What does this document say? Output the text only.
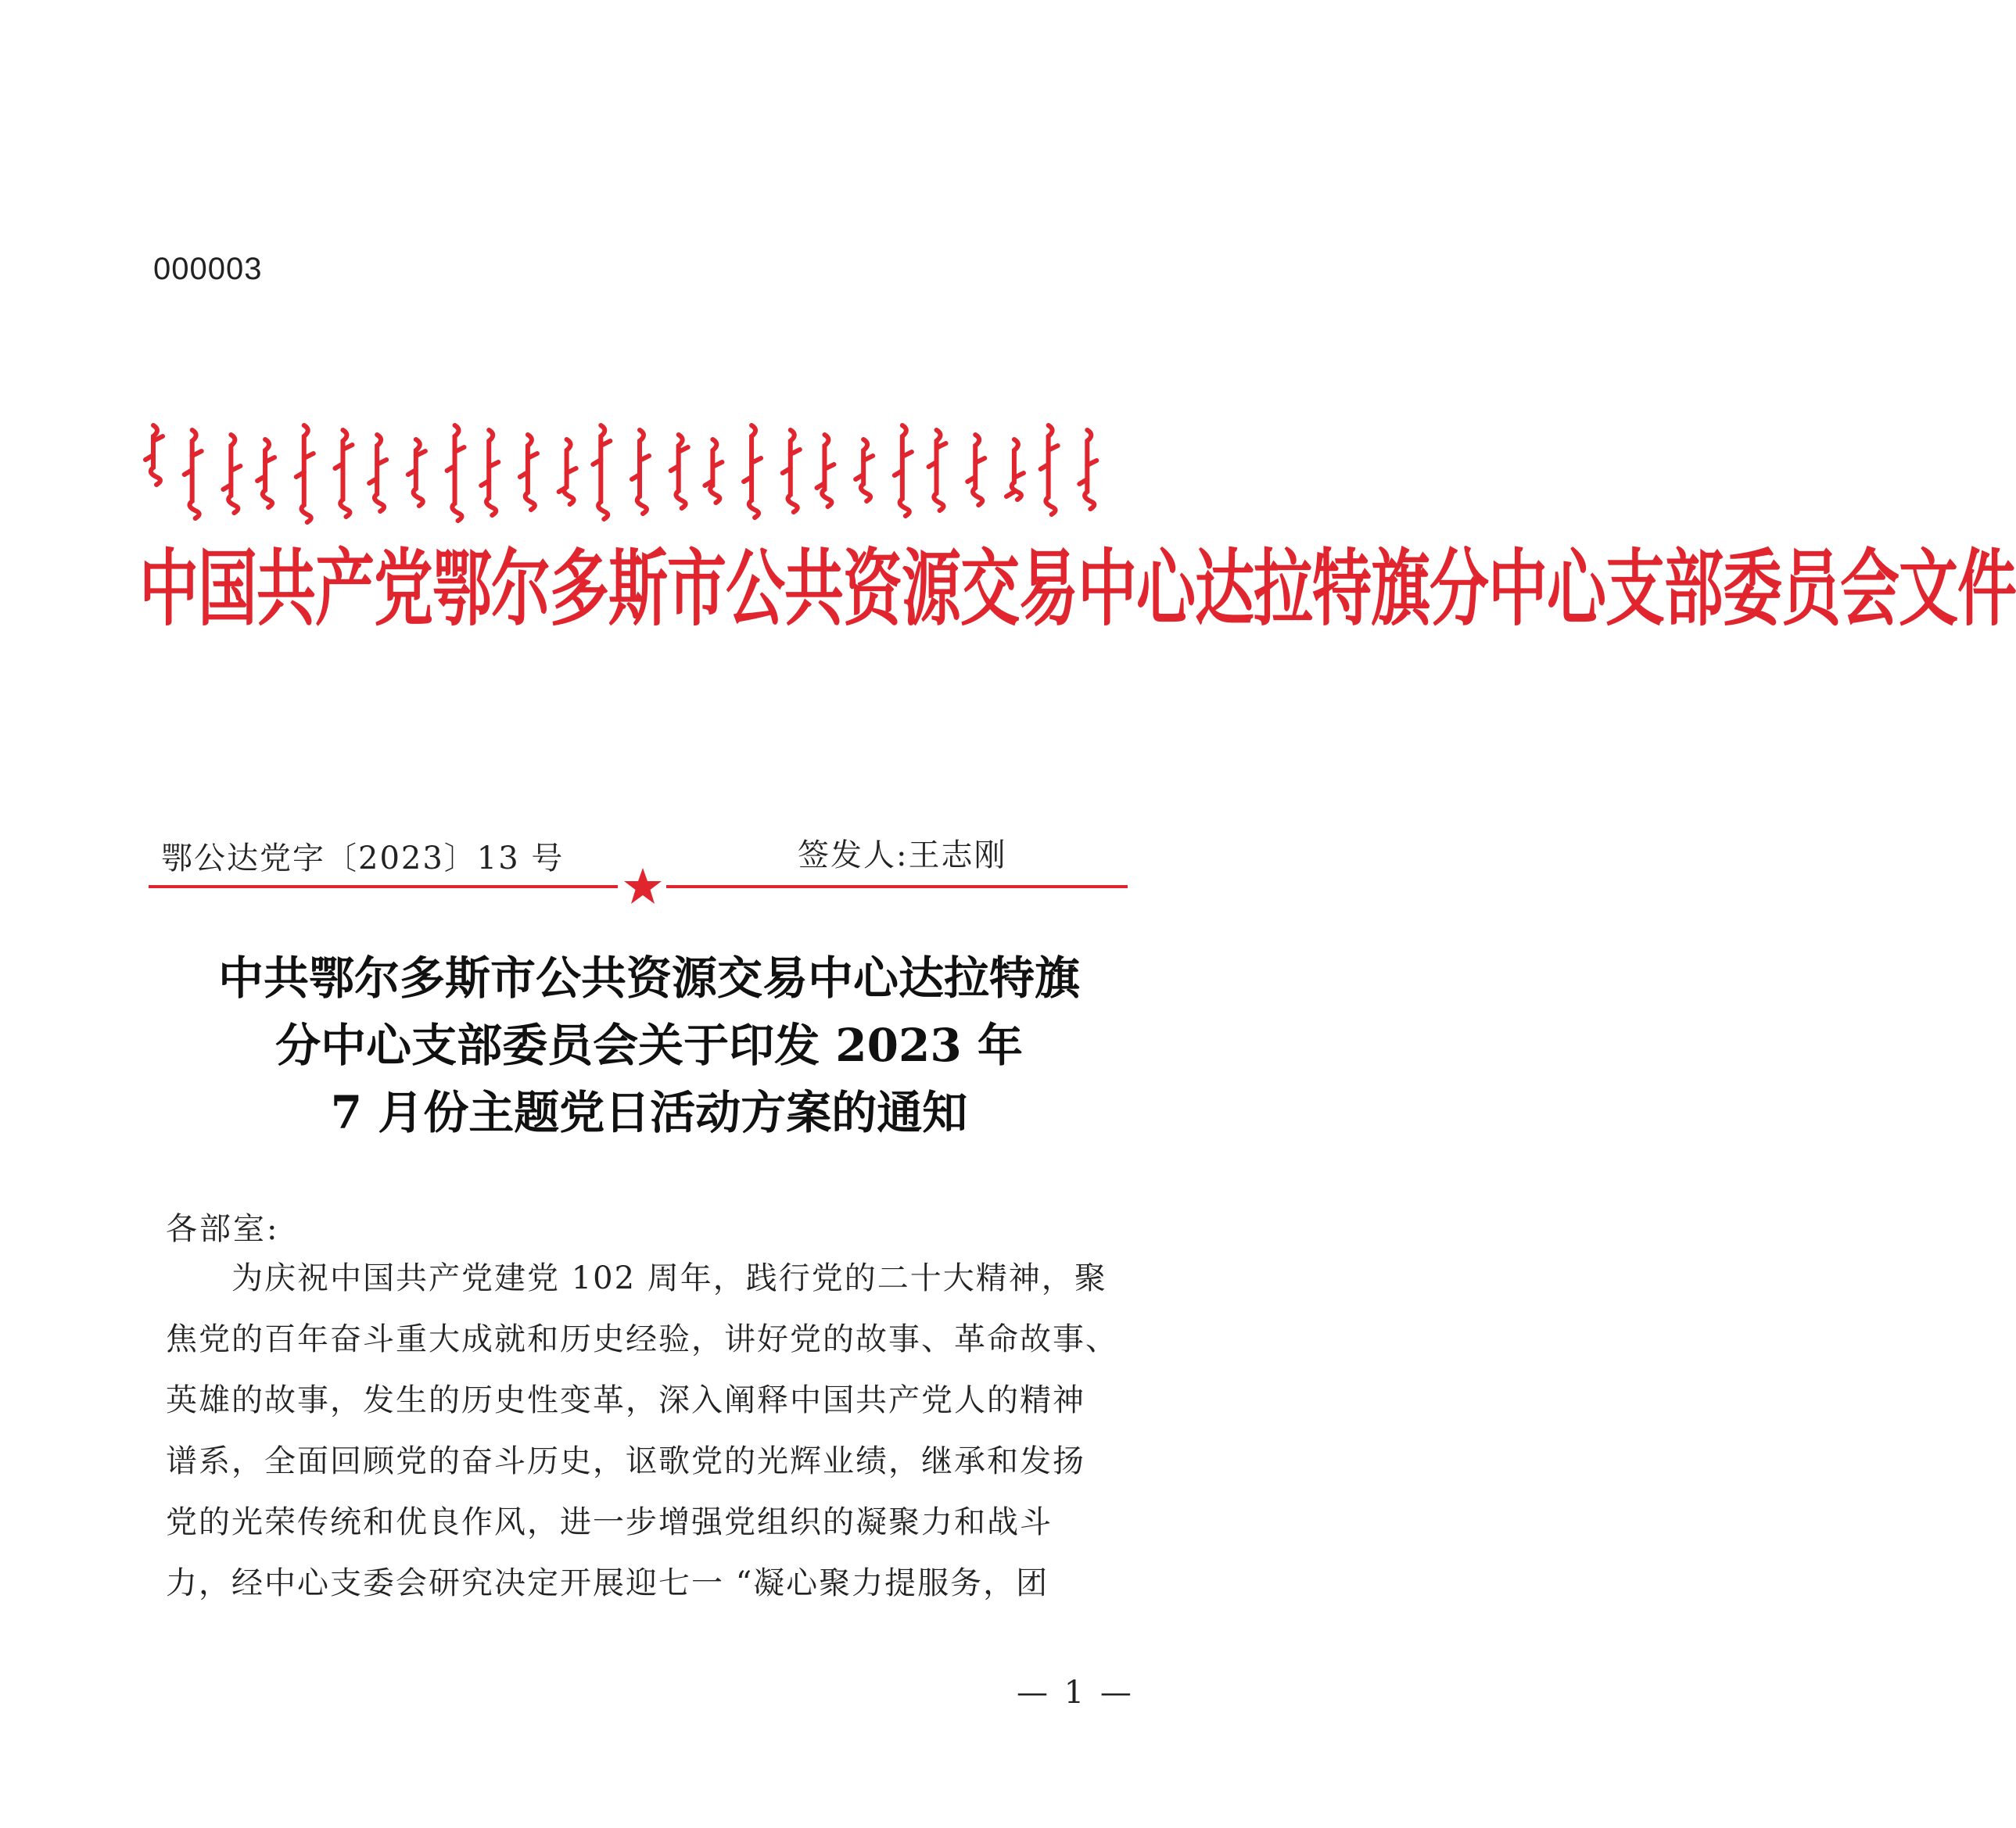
000003
中国共产党鄂尔多斯市公共资源交易中心达拉特旗分中心支部委员会文件
鄂公达党字〔2023〕13 号	签发人:王志刚
中共鄂尔多斯市公共资源交易中心达拉特旗
分中心支部委员会关于印发 2023 年
7 月份主题党日活动方案的通知
各部室:
为庆祝中国共产党建党 102 周年，践行党的二十大精神，聚
焦党的百年奋斗重大成就和历史经验，讲好党的故事、革命故事、
英雄的故事，发生的历史性变革，深入阐释中国共产党人的精神
谱系，全面回顾党的奋斗历史，讴歌党的光辉业绩，继承和发扬
党的光荣传统和优良作风，进一步增强党组织的凝聚力和战斗
力，经中心支委会研究决定开展迎七一 “凝心聚力提服务，团
— 1 —
